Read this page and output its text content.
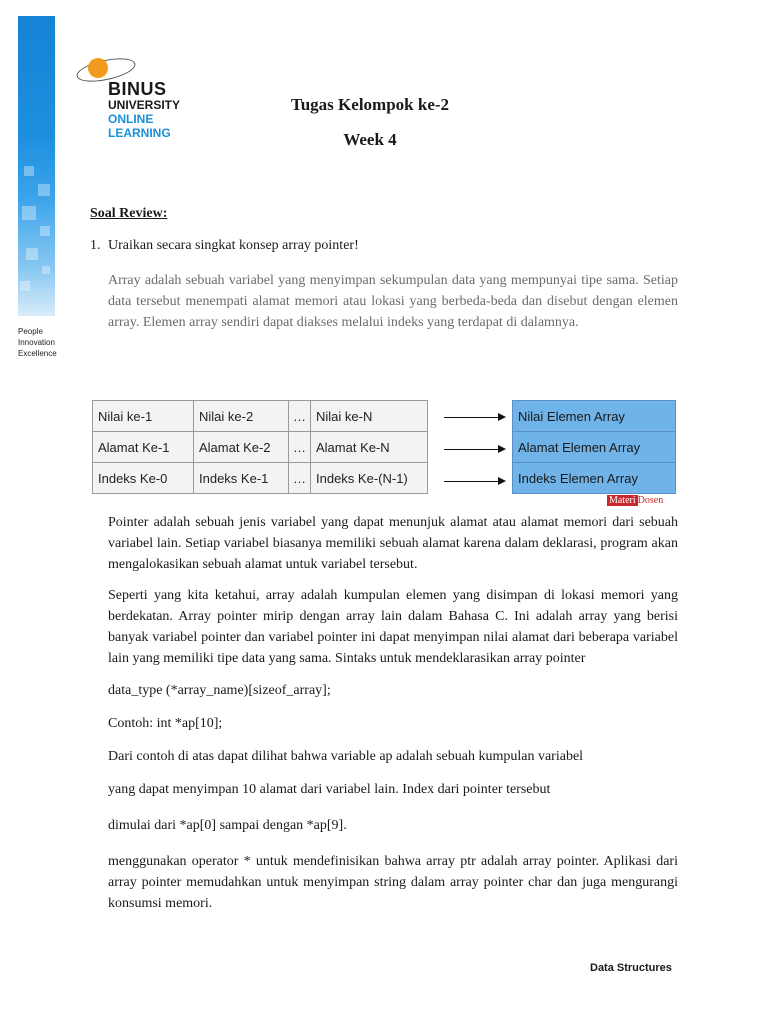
People
Innovation
Excellence
BINUS
UNIVERSITY
ONLINE
LEARNING
Tugas Kelompok ke-2
Week 4
Soal Review:
1. Uraikan secara singkat konsep array pointer!
Array adalah sebuah variabel yang menyimpan sekumpulan data yang mempunyai tipe sama. Setiap data tersebut menempati alamat memori atau lokasi yang berbeda-beda dan disebut dengan elemen array. Elemen array sendiri dapat diakses melalui indeks yang terdapat di dalamnya.
Nilai ke-1	Nilai ke-2	…	Nilai ke-N
Alamat Ke-1	Alamat Ke-2	…	Alamat Ke-N
Indeks Ke-0	Indeks Ke-1	…	Indeks Ke-(N-1)
Nilai Elemen Array
Alamat Elemen Array
Indeks Elemen Array
Materi Dosen
Pointer adalah sebuah jenis variabel yang dapat menunjuk alamat atau alamat memori dari sebuah variabel lain. Setiap variabel biasanya memiliki sebuah alamat karena dalam deklarasi, program akan mengalokasikan sebuah alamat untuk variabel tersebut.
Seperti yang kita ketahui, array adalah kumpulan elemen yang disimpan di lokasi memori yang berdekatan. Array pointer mirip dengan array lain dalam Bahasa C. Ini adalah array yang berisi banyak variabel pointer dan variabel pointer ini dapat menyimpan nilai alamat dari beberapa variabel lain yang memiliki tipe data yang sama. Sintaks untuk mendeklarasikan array pointer
data_type (*array_name)[sizeof_array];
Contoh: int *ap[10];
Dari contoh di atas dapat dilihat bahwa variable ap adalah sebuah kumpulan variabel
yang dapat menyimpan 10 alamat dari variabel lain. Index dari pointer tersebut
dimulai dari *ap[0] sampai dengan *ap[9].
menggunakan operator * untuk mendefinisikan bahwa array ptr adalah array pointer. Aplikasi dari array pointer memudahkan untuk menyimpan string dalam array pointer char dan juga mengurangi konsumsi memori.
Data Structures
